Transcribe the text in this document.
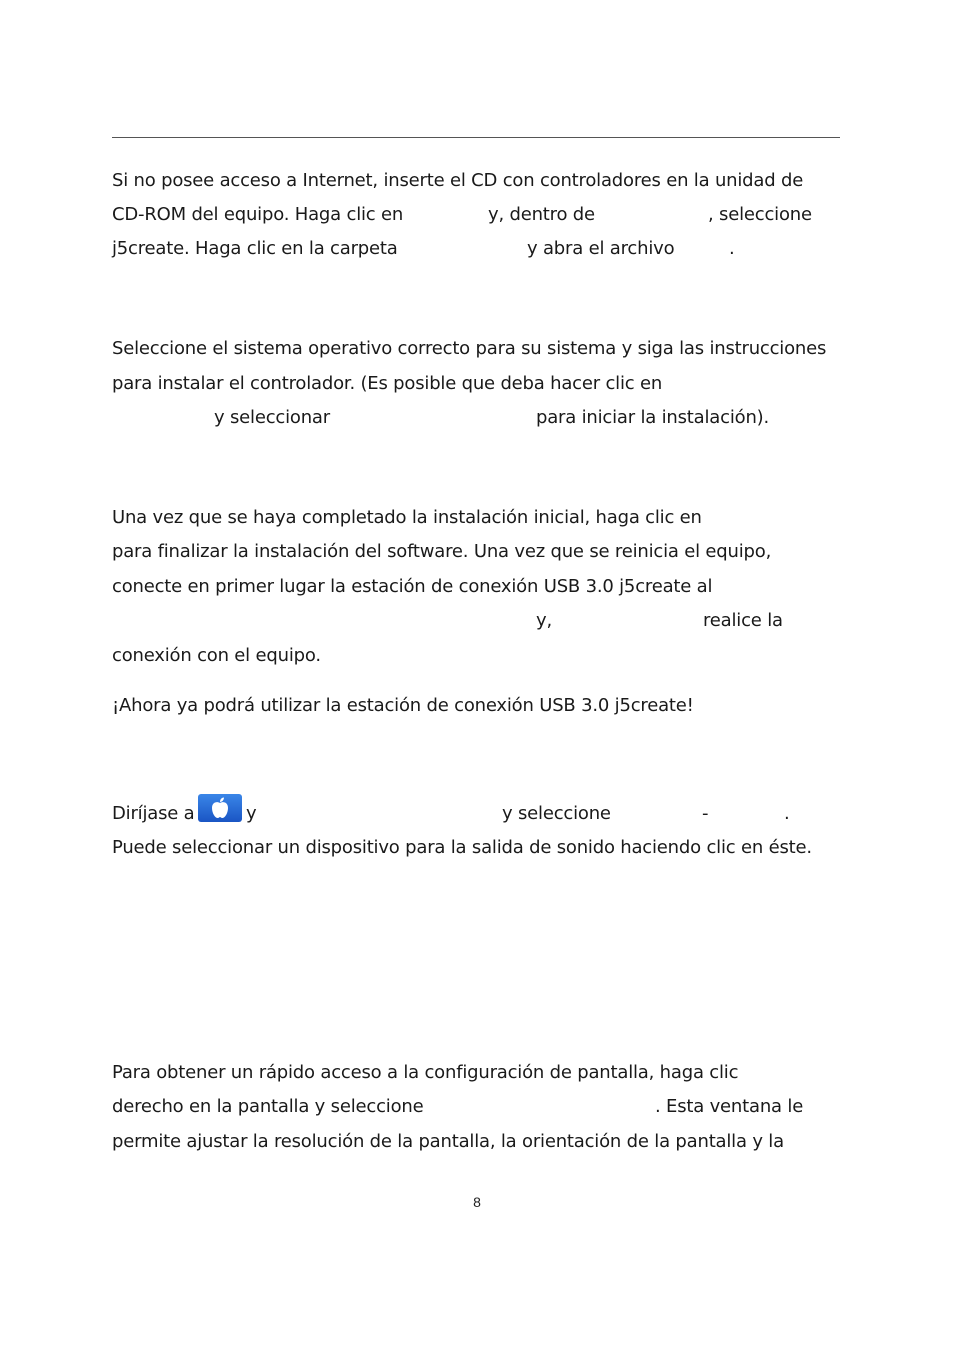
Si no posee acceso a Internet, inserte el CD con controladores en la unidad de
CD-ROM del equipo. Haga clic en	y, dentro de	, seleccione
j5create. Haga clic en la carpeta	y abra el archivo	.
Seleccione el sistema operativo correcto para su sistema y siga las instrucciones
para instalar el controlador. (Es posible que deba hacer clic en
y seleccionar	para iniciar la instalación).
Una vez que se haya completado la instalación inicial, haga clic en
para finalizar la instalación del software. Una vez que se reinicia el equipo,
conecte en primer lugar la estación de conexión USB 3.0 j5create al
y,	realice la
conexión con el equipo.
¡Ahora ya podrá utilizar la estación de conexión USB 3.0 j5create!
Diríjase a	y	y seleccione	-	.
Puede seleccionar un dispositivo para la salida de sonido haciendo clic en éste.
Para obtener un rápido acceso a la configuración de pantalla, haga clic
derecho en la pantalla y seleccione	. Esta ventana le
permite ajustar la resolución de la pantalla, la orientación de la pantalla y la
8
